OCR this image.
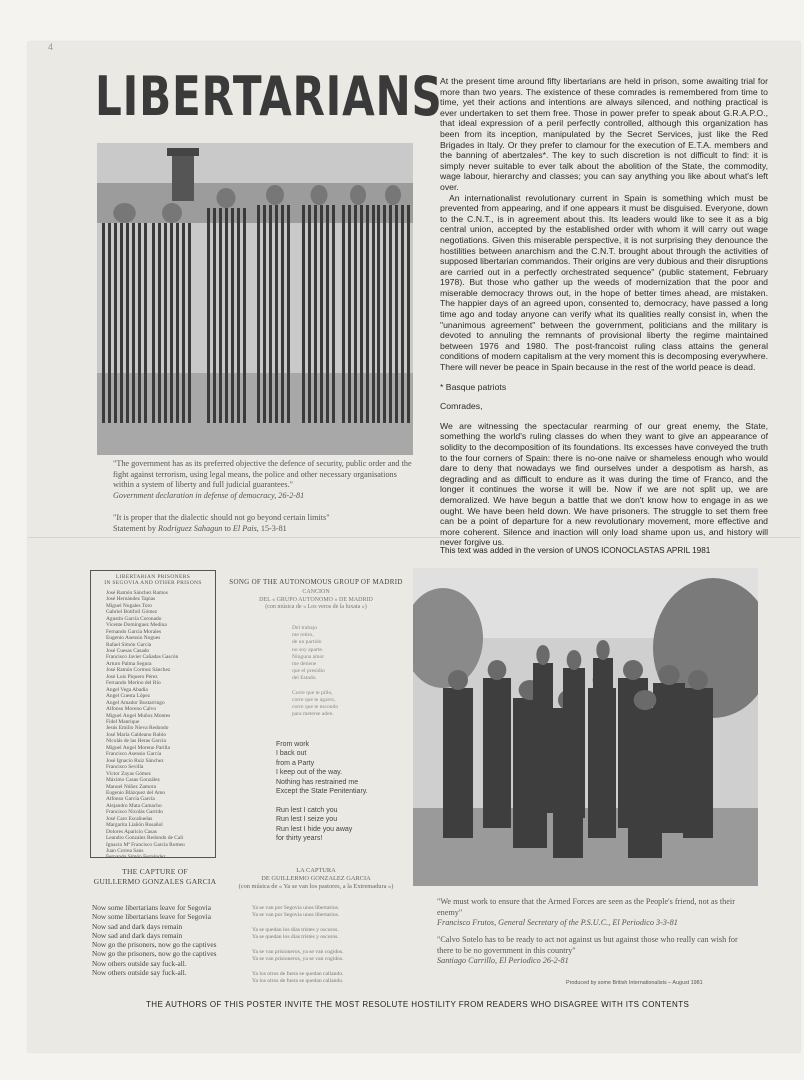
4
LIBERTARIANS
"The government has as its preferred objective the defence of security, public order and the fight against terrorism, using legal means, the police and other necessary organisations within a system of liberty and full judicial guarantees."
Government declaration in defense of democracy, 26-2-81
"It is proper that the dialectic should not go beyond certain limits"
Statement by Rodriguez Sahagun to El Pais, 15-3-81

At the present time around fifty libertarians are held in prison, some awaiting trial for more than two years. The existence of these comrades is remembered from time to time, yet their actions and intentions are always silenced, and nothing practical is ever undertaken to set them free. Those in power prefer to speak about G.R.A.P.O., that ideal expression of a peril perfectly controlled, although this organization has been from its inception, manipulated by the Secret Services, just like the Red Brigades in Italy. Or they prefer to clamour for the execution of E.T.A. members and the banning of abertzales*. The key to such discretion is not difficult to find: it is simply never suitable to ever talk about the abolition of the State, the commodity, wage labour, hierarchy and classes; you can say anything you like about what's left over.

An internationalist revolutionary current in Spain is something which must be prevented from appearing, and if one appears it must be disguised. Everyone, down to the C.N.T., is in agreement about this. Its leaders would like to see it as a big central union, accepted by the established order with whom it will carry out wage negotiations. Given this miserable perspective, it is not surprising they denounce the hostilities between anarchism and the C.N.T. brought about through the activities of supposed libertarian commandos. Their origins are very dubious and their disruptions are carried out in a perfectly orchestrated sequence" (public statement, February 1978). But those who gather up the weeds of modernization that the poor and miserable democracy throws out, in the hope of better times ahead, are mistaken. The happier days of an agreed upon, consented to, democracy, have passed a long time ago and today anyone can verify what its qualities really consist in, when the "unanimous agreement" between the government, politicians and the military is devoted to annuling the remnants of provisional liberty the regime maintained between 1976 and 1980. The post-francoist ruling class attains the general conditions of modern capitalism at the very moment this is decomposing everywhere. There will never be peace in Spain because in the rest of the world peace is dead.

* Basque patriots

Comrades,

We are witnessing the spectacular rearming of our great enemy, the State, something the world's ruling classes do when they want to give an appearance of solidity to the decomposition of its foundations. Its excesses have conveyed the truth to the four corners of Spain: there is no-one naive or shameless enough who would dare to deny that nowadays we find ourselves under a despotism as harsh, as degrading and as difficult to endure as it was during the time of Franco, and the longer it continues the worse it will be. Now if we are not split up, we are demoralized. We have begun a battle that we don't know how to engage in as we ought. We have been held down. We have prisoners. The struggle to set them free can be a point of departure for a new revolutionary movement, more effective and more coherent. Silence and inaction will only load shame upon us, and history will never forgive us.

This text was added in the version of UNOS ICONOCLASTAS APRIL 1981
LIBERTARIAN PRISONERS
IN SEGOVIA AND OTHER PRISONS
José Ramón Sánchez Ramos
José Hernández Tapias
Miguel Nogales Toro
Gabriel Botifoll Gómez
Agustín García Coronado
Vicente Domínguez Medina
Fernando García Morales
Eugenio Asensio Nogues
Rafael Simón García
José Cuesas Casado
Francisco Javier Cañadas Gascón
Arturo Palma Segura
José Ramón Cormoz Sánchez
José Luis Piquero Pérez
Fernando Merino del Río
Ángel Vega Abadía
Ángel Cuesta López
Ángel Amador Bustarringo
Alfonso Moreno Calvo
Miguel Ángel Muñoz Montes
Fidel Manrique
Jesús Emilio Nieva Redondo
José María Galdeano Rubio
Nicolás de las Heras García
Miguel Ángel Moreno Parilla
Francisco Asensio García
José Ignacio Ruiz Sánchez
Francisco Sevilla
Víctor Zayas Gómez
Máximo Casas González
Manuel Núñez Zamora
Eugenio Blázquez del Amo
Alfonso García García
Alejandro Mata Camacho
Francisco Nicolás Garrido
José Caro Escañuelas
Margarita Liañón Rosañol
Dolores Aparicio Casas
Leandro Gonzalez Redondo de Cali
Ignacio Mª Francisco García Romeu
Juan Correa Sans
Fernando Simón Fernández
SONG OF THE AUTONOMOUS GROUP OF MADRID
CANCION
DEL « GRUPO AUTONOMO » DE MADRID
(con música de « Los veros de la luxata »)
Del trabajo
me retiro,
de un partido
no soy aparte.
Ninguna amor
me detiene
que el presidio
del Estado.

Corre que te pillo,
corre que te agarro,
corre que te escondo
para meterse aden.
From work
I back out
from a Party
I keep out of the way.
Nothing has restrained me
Except the State Penitentiary.

Run lest I catch you
Run lest I seize you
Run lest I hide you away
for thirty years!
THE CAPTURE OF
GUILLERMO GONZALES GARCIA
Now some libertarians leave for Segovia
Now some libertarians leave for Segovia
Now sad and dark days remain
Now sad and dark days remain
Now go the prisoners, now go the captives
Now go the prisoners, now go the captives
Now others outside say fuck-all.
Now others outside say fuck-all.
LA CAPTURA
DE GUILLERMO GONZALEZ GARCIA
(con música de « Ya se van los pastores, a la Extremadura »)
Ya se van por Segovia unos libertarios.
Ya se van por Segovia unos libertarios.

Ya se quedan los días tristes y oscuros.
Ya se quedan los días tristes y oscuros.

Ya se van prisioneros, ya se van cogidos.
Ya se van prisioneros, ya se van cogidos.

Ya los otros de fuera se quedan callando.
Ya los otros de fuera se quedan callando.
"We must work to ensure that the Armed Forces are seen as the People's friend, not as their enemy"
Francisco Frutos, General Secretary of the P.S.U.C., El Periodico 3-3-81
"Calvo Sotelo has to be ready to act not against us but against those who really can wish for there to be no government in this country"
Santiago Carrillo, El Periodico 26-2-81
Produced by some British Internationalists – August 1981
THE AUTHORS OF THIS POSTER INVITE THE MOST RESOLUTE HOSTILITY FROM READERS WHO DISAGREE WITH ITS CONTENTS
